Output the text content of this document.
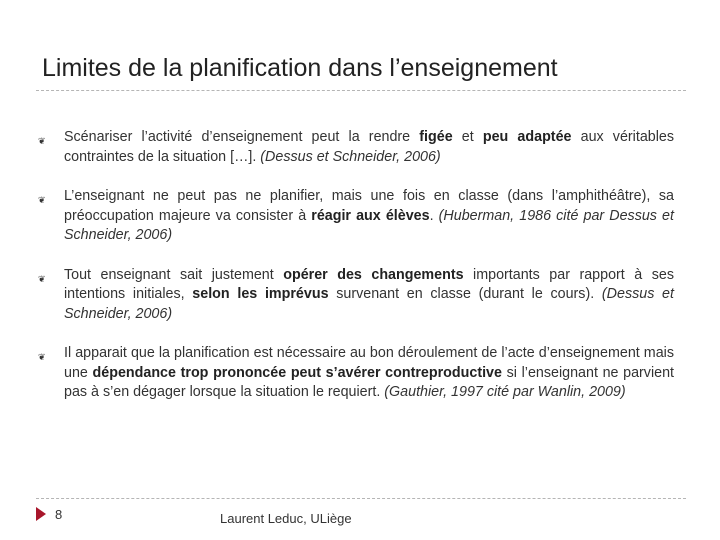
Limites de la planification dans l’enseignement
❦ Scénariser l’activité d’enseignement peut la rendre figée et peu adaptée aux véritables contraintes de la situation […]. (Dessus et Schneider, 2006)
❦ L’enseignant ne peut pas ne planifier, mais une fois en classe (dans l’amphithéâtre), sa préoccupation majeure va consister à réagir aux élèves. (Huberman, 1986 cité par Dessus et Schneider, 2006)
❦ Tout enseignant sait justement opérer des changements importants par rapport à ses intentions initiales, selon les imprévus survenant en classe (durant le cours). (Dessus et Schneider, 2006)
❦ Il apparait que la planification est nécessaire au bon déroulement de l’acte d’enseignement mais une dépendance trop prononcée peut s’avérer contreproductive si l’enseignant ne parvient pas à s’en dégager lorsque la situation le requiert. (Gauthier, 1997 cité par Wanlin, 2009)
8	Laurent Leduc, ULiège
